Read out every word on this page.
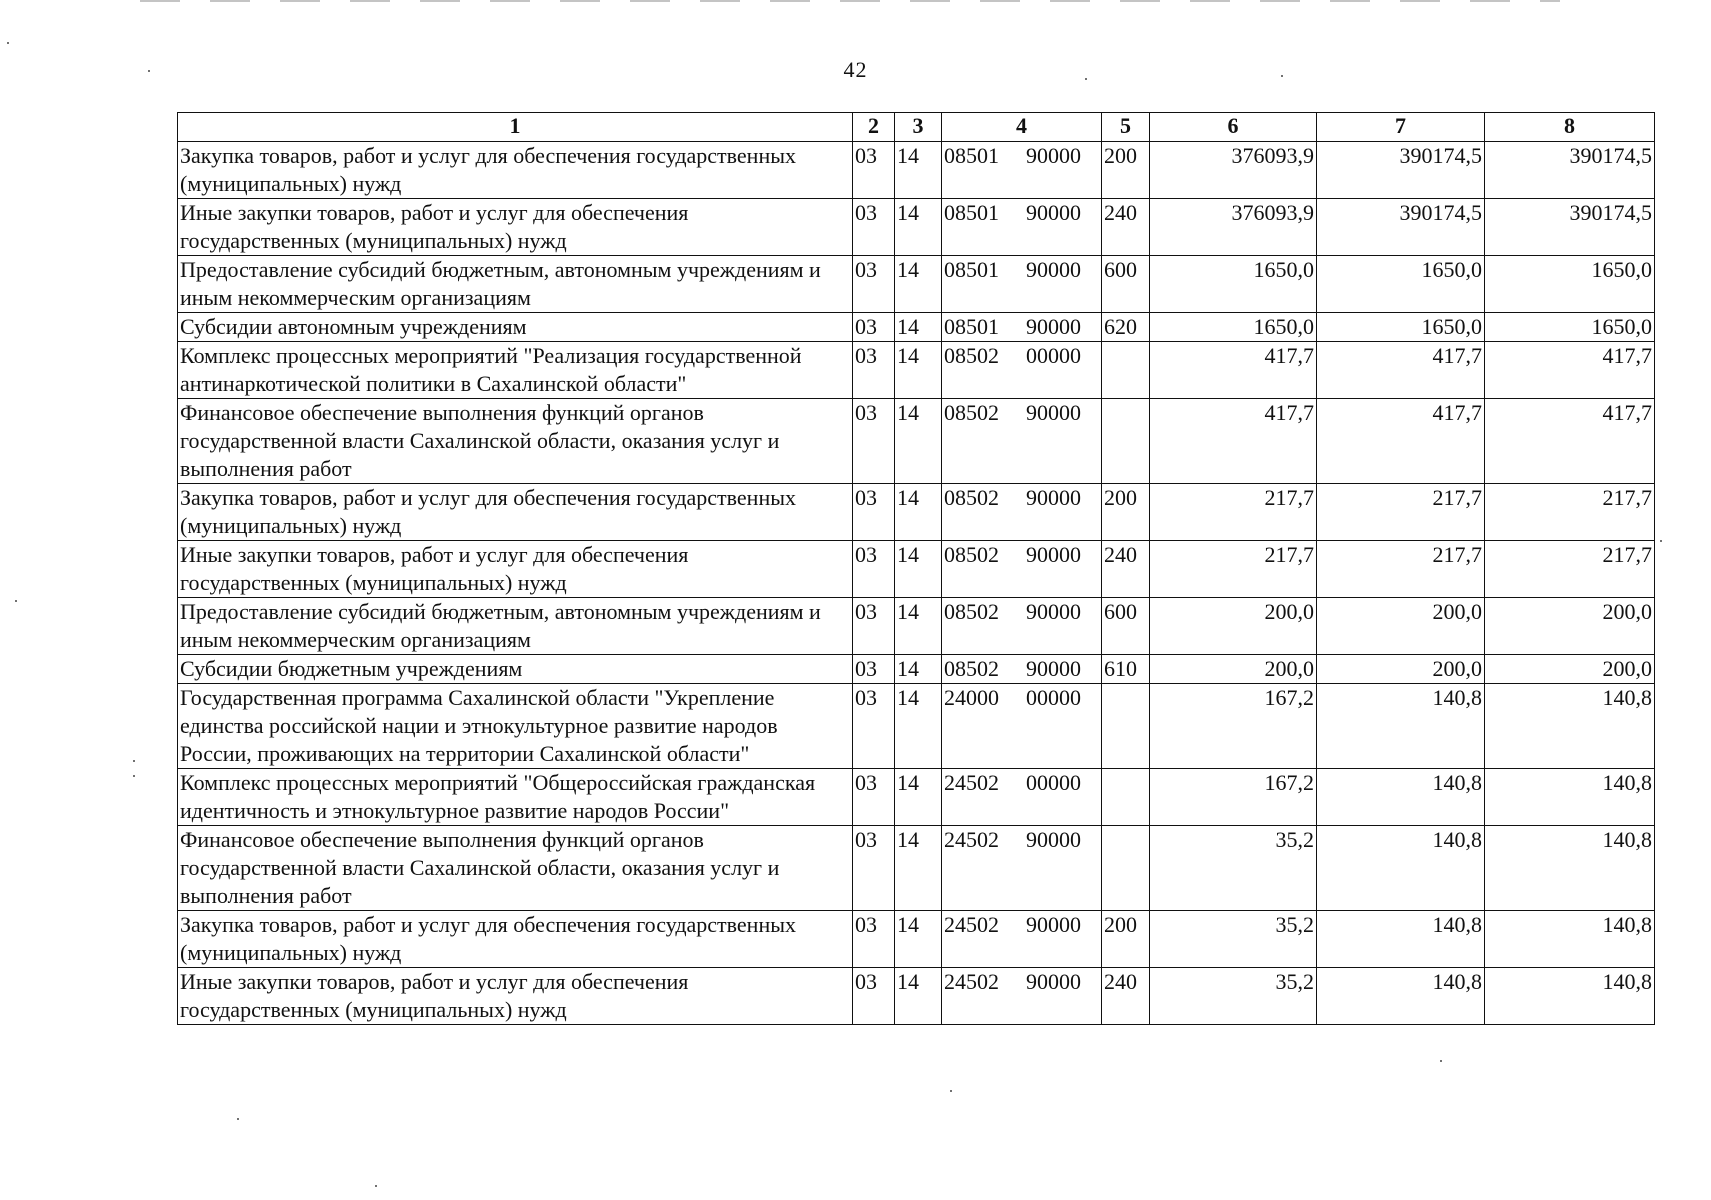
42
1	2	3	4	5	6	7	8
Закупка товаров, работ и услуг для обеспечения государственных (муниципальных) нужд	03	14	08501 90000	200	376093,9	390174,5	390174,5
Иные закупки товаров, работ и услуг для обеспечения государственных (муниципальных) нужд	03	14	08501 90000	240	376093,9	390174,5	390174,5
Предоставление субсидий бюджетным, автономным учреждениям и иным некоммерческим организациям	03	14	08501 90000	600	1650,0	1650,0	1650,0
Субсидии автономным учреждениям	03	14	08501 90000	620	1650,0	1650,0	1650,0
Комплекс процессных мероприятий "Реализация государственной антинаркотической политики в Сахалинской области"	03	14	08502 00000		417,7	417,7	417,7
Финансовое обеспечение выполнения функций органов государственной власти Сахалинской области, оказания услуг и выполнения работ	03	14	08502 90000		417,7	417,7	417,7
Закупка товаров, работ и услуг для обеспечения государственных (муниципальных) нужд	03	14	08502 90000	200	217,7	217,7	217,7
Иные закупки товаров, работ и услуг для обеспечения государственных (муниципальных) нужд	03	14	08502 90000	240	217,7	217,7	217,7
Предоставление субсидий бюджетным, автономным учреждениям и иным некоммерческим организациям	03	14	08502 90000	600	200,0	200,0	200,0
Субсидии бюджетным учреждениям	03	14	08502 90000	610	200,0	200,0	200,0
Государственная программа Сахалинской области "Укрепление единства российской нации и этнокультурное развитие народов России, проживающих на территории Сахалинской области"	03	14	24000 00000		167,2	140,8	140,8
Комплекс процессных мероприятий "Общероссийская гражданская идентичность и этнокультурное развитие народов России"	03	14	24502 00000		167,2	140,8	140,8
Финансовое обеспечение выполнения функций органов государственной власти Сахалинской области, оказания услуг и выполнения работ	03	14	24502 90000		35,2	140,8	140,8
Закупка товаров, работ и услуг для обеспечения государственных (муниципальных) нужд	03	14	24502 90000	200	35,2	140,8	140,8
Иные закупки товаров, работ и услуг для обеспечения государственных (муниципальных) нужд	03	14	24502 90000	240	35,2	140,8	140,8
